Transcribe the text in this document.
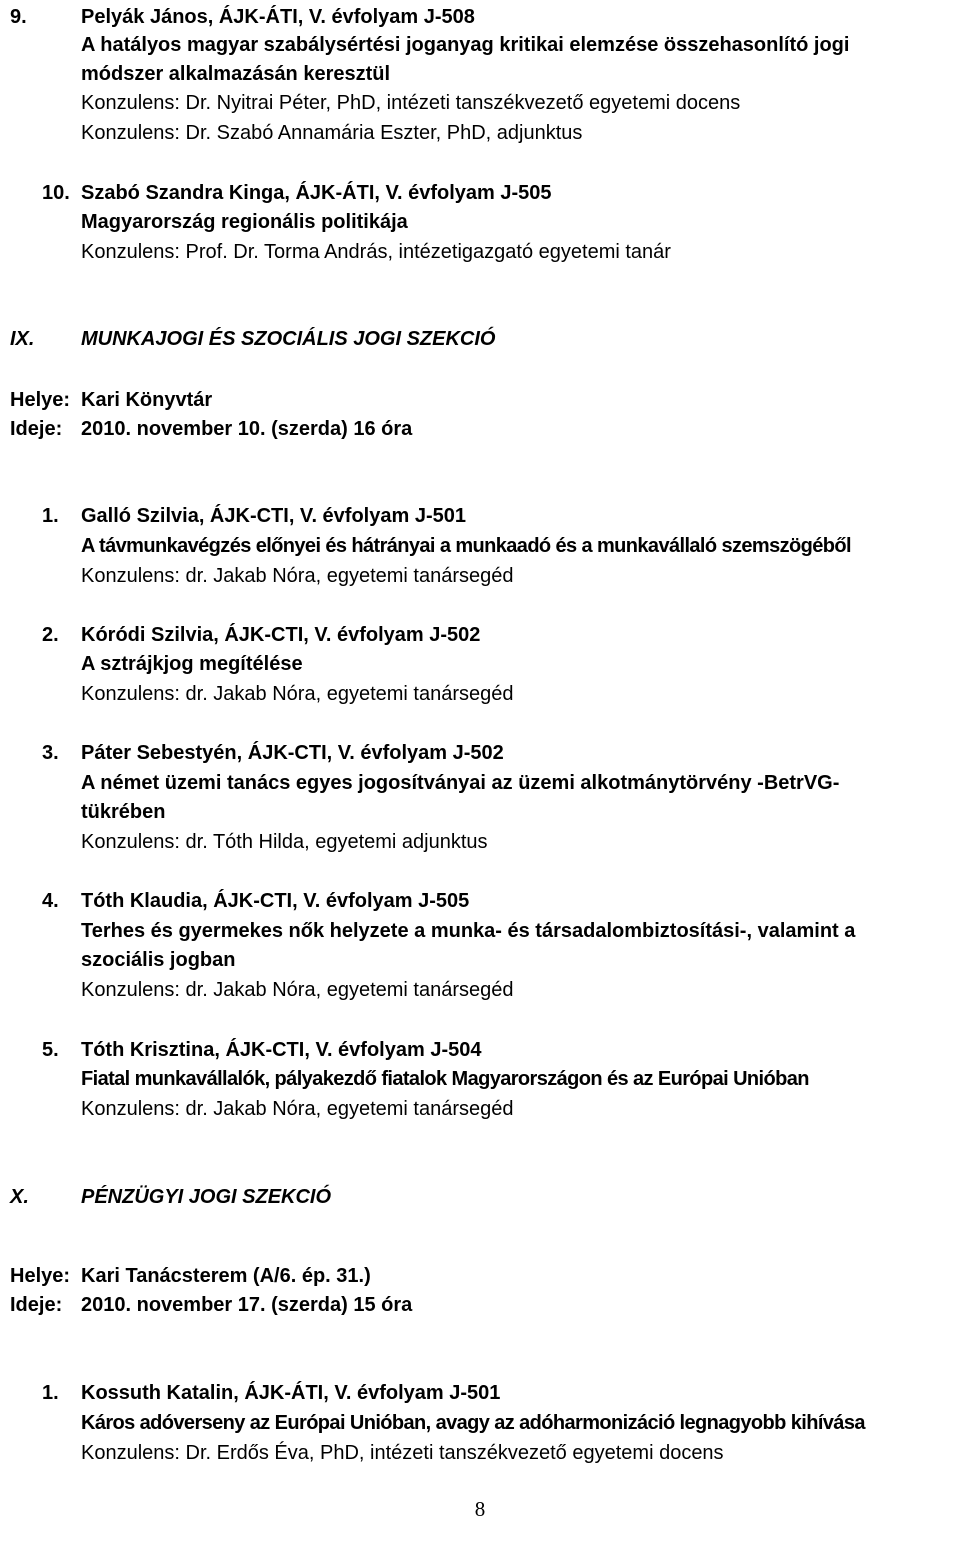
9.	Pelyák János, ÁJK-ÁTI, V. évfolyam J-508
A hatályos magyar szabálysértési joganyag kritikai elemzése összehasonlító jogi
módszer alkalmazásán keresztül
Konzulens: Dr. Nyitrai Péter, PhD, intézeti tanszékvezető egyetemi docens
Konzulens: Dr. Szabó Annamária Eszter, PhD, adjunktus
10. Szabó Szandra Kinga, ÁJK-ÁTI, V. évfolyam J-505
Magyarország regionális politikája
Konzulens: Prof. Dr. Torma András, intézetigazgató egyetemi tanár
IX. MUNKAJOGI ÉS SZOCIÁLIS JOGI SZEKCIÓ
Helye: Kari Könyvtár
Ideje: 2010. november 10. (szerda) 16 óra
1. Galló Szilvia, ÁJK-CTI, V. évfolyam J-501
A távmunkavégzés előnyei és hátrányai a munkaadó és a munkavállaló szemszögéből
Konzulens: dr. Jakab Nóra, egyetemi tanársegéd
2. Kóródi Szilvia, ÁJK-CTI, V. évfolyam J-502
A sztrájkjog megítélése
Konzulens: dr. Jakab Nóra, egyetemi tanársegéd
3. Páter Sebestyén, ÁJK-CTI, V. évfolyam J-502
A német üzemi tanács egyes jogosítványai az üzemi alkotmánytörvény -BetrVG-
tükrében
Konzulens: dr. Tóth Hilda, egyetemi adjunktus
4. Tóth Klaudia, ÁJK-CTI, V. évfolyam J-505
Terhes és gyermekes nők helyzete a munka- és társadalombiztosítási-, valamint a
szociális jogban
Konzulens: dr. Jakab Nóra, egyetemi tanársegéd
5. Tóth Krisztina, ÁJK-CTI, V. évfolyam J-504
Fiatal munkavállalók, pályakezdő fiatalok Magyarországon és az Európai Unióban
Konzulens: dr. Jakab Nóra, egyetemi tanársegéd
X.	PÉNZÜGYI JOGI SZEKCIÓ
Helye: Kari Tanácsterem (A/6. ép. 31.)
Ideje: 2010. november 17. (szerda) 15 óra
1. Kossuth Katalin, ÁJK-ÁTI, V. évfolyam J-501
Káros adóverseny az Európai Unióban, avagy az adóharmonizáció legnagyobb kihívása
Konzulens: Dr. Erdős Éva, PhD, intézeti tanszékvezető egyetemi docens
8
